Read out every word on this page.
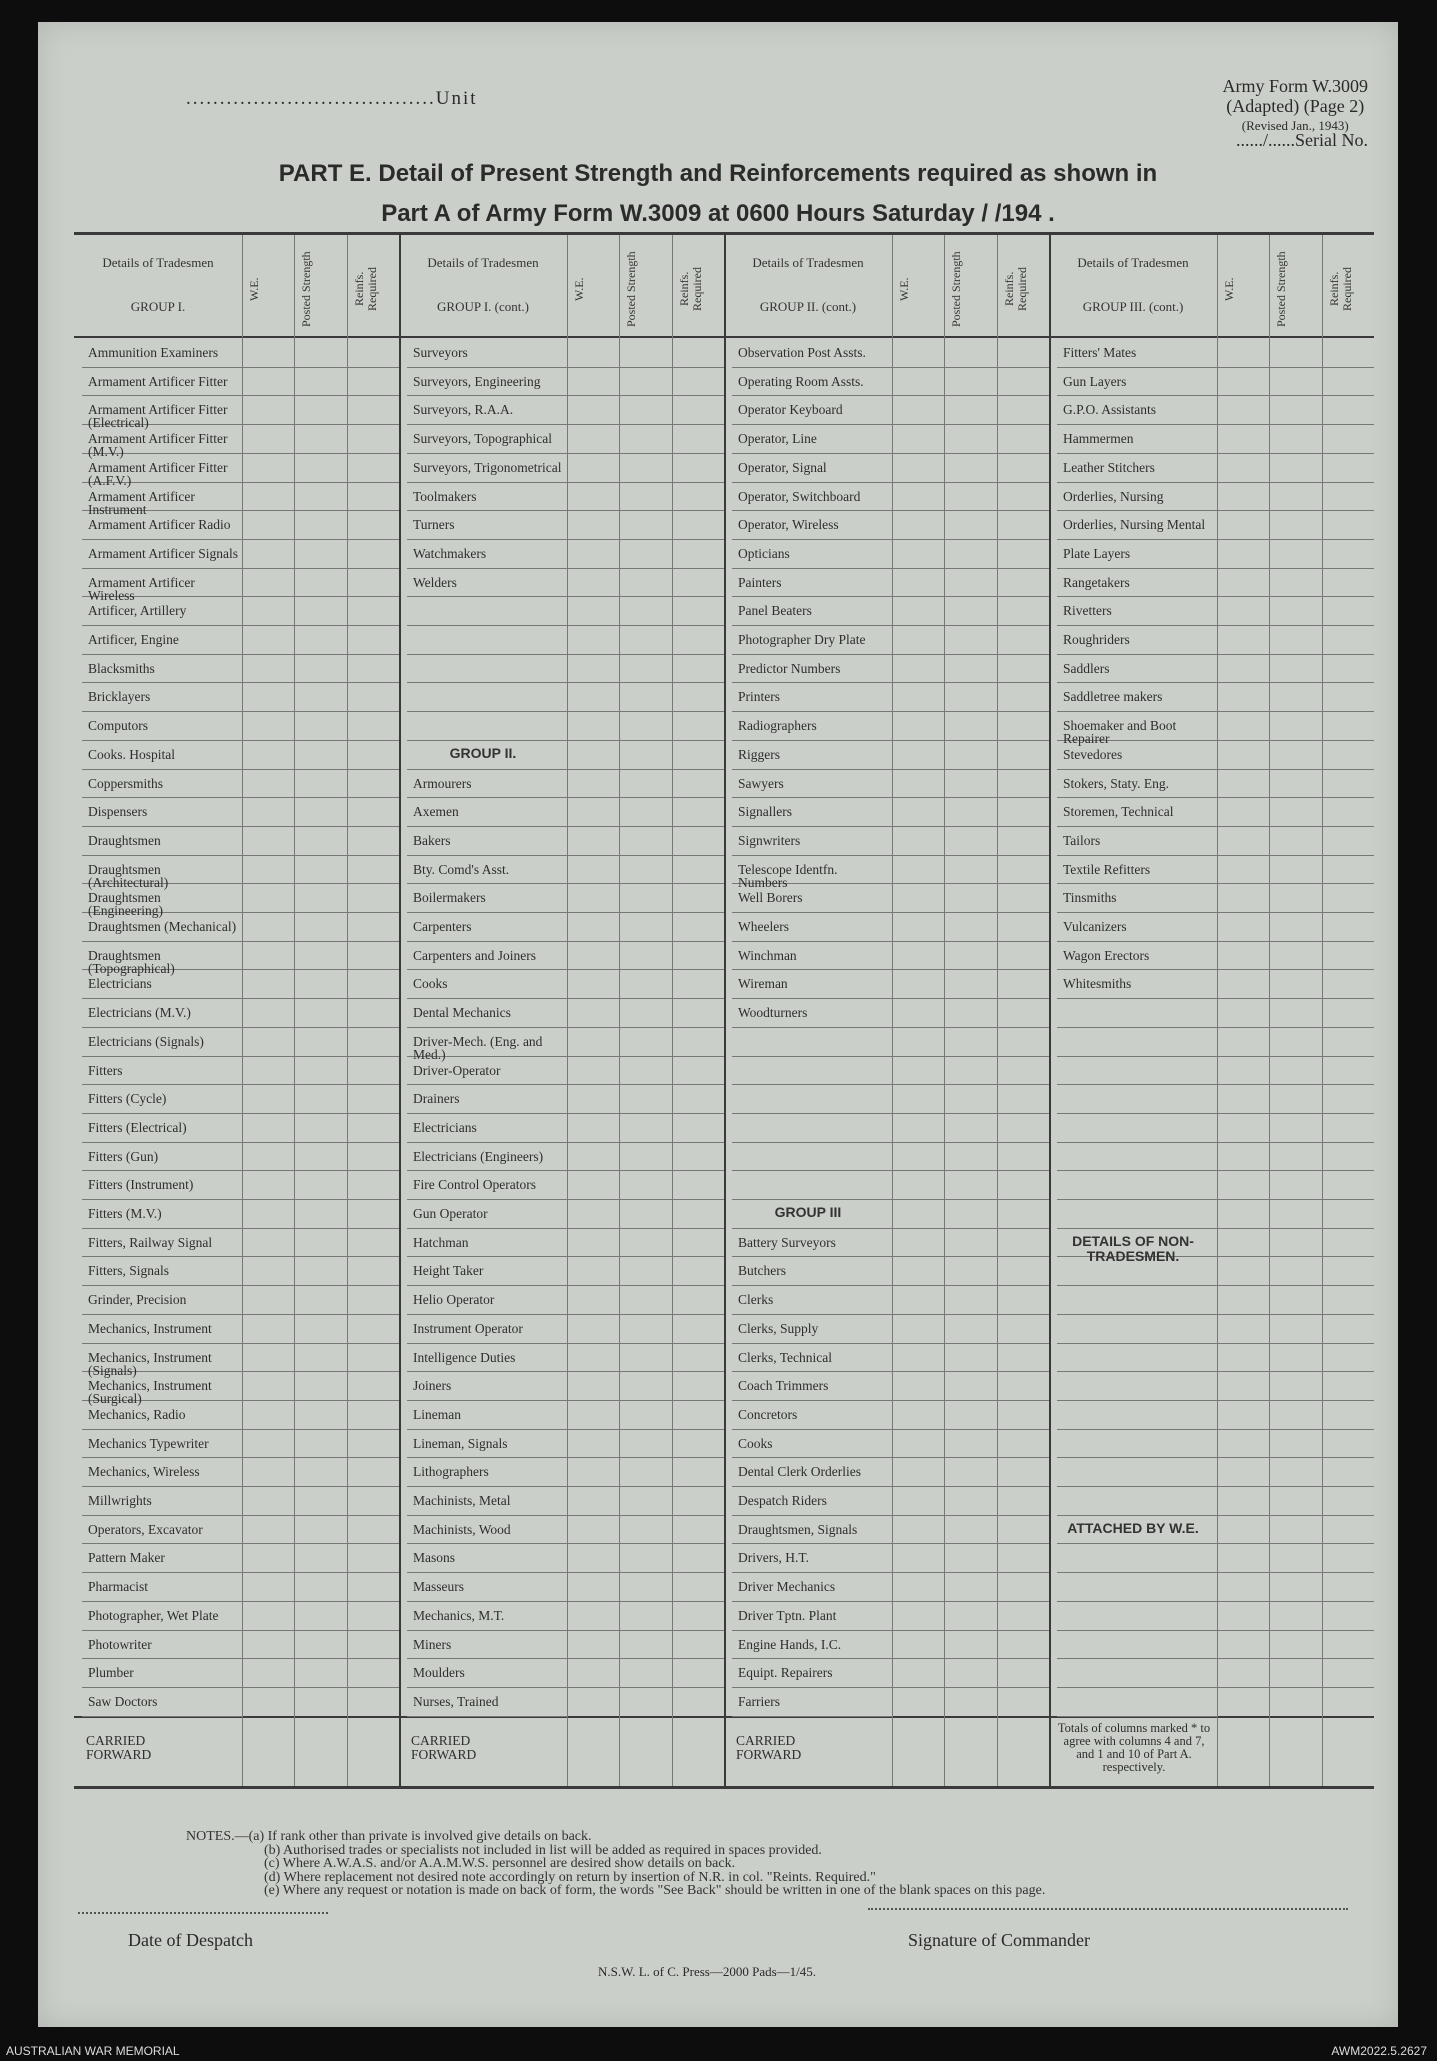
.....................................Unit
Army Form W.3009
(Adapted) (Page 2)
(Revised Jan., 1943)
....../......Serial No.
PART E. Detail of Present Strength and Reinforcements required as shown in
Part A of Army Form W.3009 at 0600 Hours Saturday / /194 .
Details of Tradesmen
GROUP I.
W.E.	Posted Strength	Reinfs. Required
Ammunition Examiners
Armament Artificer Fitter
Armament Artificer Fitter (Electrical)
Armament Artificer Fitter (M.V.)
Armament Artificer Fitter (A.F.V.)
Armament Artificer Instrument
Armament Artificer Radio
Armament Artificer Signals
Armament Artificer Wireless
Artificer, Artillery
Artificer, Engine
Blacksmiths
Bricklayers
Computors
Cooks. Hospital
Coppersmiths
Dispensers
Draughtsmen
Draughtsmen (Architectural)
Draughtsmen (Engineering)
Draughtsmen (Mechanical)
Draughtsmen (Topographical)
Electricians
Electricians (M.V.)
Electricians (Signals)
Fitters
Fitters (Cycle)
Fitters (Electrical)
Fitters (Gun)
Fitters (Instrument)
Fitters (M.V.)
Fitters, Railway Signal
Fitters, Signals
Grinder, Precision
Mechanics, Instrument
Mechanics, Instrument (Signals)
Mechanics, Instrument (Surgical)
Mechanics, Radio
Mechanics Typewriter
Mechanics, Wireless
Millwrights
Operators, Excavator
Pattern Maker
Pharmacist
Photographer, Wet Plate
Photowriter
Plumber
Saw Doctors
CARRIED FORWARD
Details of Tradesmen
GROUP I. (cont.)
W.E.	Posted Strength	Reinfs. Required
Surveyors
Surveyors, Engineering
Surveyors, R.A.A.
Surveyors, Topographical
Surveyors, Trigonometrical
Toolmakers
Turners
Watchmakers
Welders
GROUP II.
Armourers
Axemen
Bakers
Bty. Comd's Asst.
Boilermakers
Carpenters
Carpenters and Joiners
Cooks
Dental Mechanics
Driver-Mech. (Eng. and Med.)
Driver-Operator
Drainers
Electricians
Electricians (Engineers)
Fire Control Operators
Gun Operator
Hatchman
Height Taker
Helio Operator
Instrument Operator
Intelligence Duties
Joiners
Lineman
Lineman, Signals
Lithographers
Machinists, Metal
Machinists, Wood
Masons
Masseurs
Mechanics, M.T.
Miners
Moulders
Nurses, Trained
CARRIED FORWARD
Details of Tradesmen
GROUP II. (cont.)
W.E.	Posted Strength	Reinfs. Required
Observation Post Assts.
Operating Room Assts.
Operator Keyboard
Operator, Line
Operator, Signal
Operator, Switchboard
Operator, Wireless
Opticians
Painters
Panel Beaters
Photographer Dry Plate
Predictor Numbers
Printers
Radiographers
Riggers
Sawyers
Signallers
Signwriters
Telescope Identfn. Numbers
Well Borers
Wheelers
Winchman
Wireman
Woodturners
GROUP III
Battery Surveyors
Butchers
Clerks
Clerks, Supply
Clerks, Technical
Coach Trimmers
Concretors
Cooks
Dental Clerk Orderlies
Despatch Riders
Draughtsmen, Signals
Drivers, H.T.
Driver Mechanics
Driver Tptn. Plant
Engine Hands, I.C.
Equipt. Repairers
Farriers
CARRIED FORWARD
Details of Tradesmen
GROUP III. (cont.)
W.E.	Posted Strength	Reinfs. Required
Fitters' Mates
Gun Layers
G.P.O. Assistants
Hammermen
Leather Stitchers
Orderlies, Nursing
Orderlies, Nursing Mental
Plate Layers
Rangetakers
Rivetters
Roughriders
Saddlers
Saddletree makers
Shoemaker and Boot Repairer
Stevedores
Stokers, Staty. Eng.
Storemen, Technical
Tailors
Textile Refitters
Tinsmiths
Vulcanizers
Wagon Erectors
Whitesmiths
DETAILS OF NON-TRADESMEN.
ATTACHED BY W.E.
Totals of columns marked * to agree with columns 4 and 7, and 1 and 10 of Part A. respectively.
NOTES.—(a) If rank other than private is involved give details on back.
(b) Authorised trades or specialists not included in list will be added as required in spaces provided.
(c) Where A.W.A.S. and/or A.A.M.W.S. personnel are desired show details on back.
(d) Where replacement not desired note accordingly on return by insertion of N.R. in col. "Reints. Required."
(e) Where any request or notation is made on back of form, the words "See Back" should be written in one of the blank spaces on this page.
Date of Despatch	Signature of Commander
N.S.W. L. of C. Press—2000 Pads—1/45.
AUSTRALIAN WAR MEMORIAL	AWM2022.5.2627
